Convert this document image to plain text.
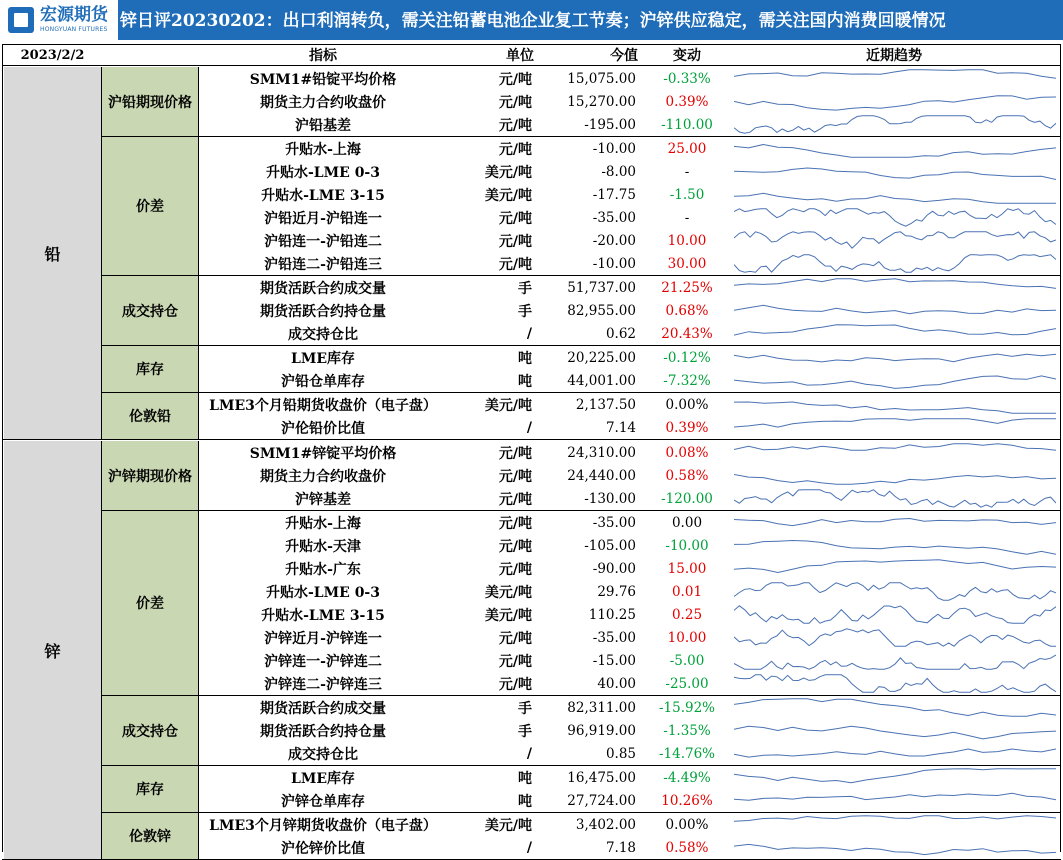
宏源期货
HONGYUAN FUTURES 锌日评20230202：出口利润转负，需关注铅蓄电池企业复工节奏；沪锌供应稳定，需关注国内消费回暖情况
2023/2/2	指标	单位	今值	变动	近期趋势
铅
沪铅期现价格
SMM1#铅锭平均价格	元/吨	15,075.00	-0.33%
期货主力合约收盘价	元/吨	15,270.00	0.39%
沪铅基差	元/吨	-195.00	-110.00
价差
升贴水-上海	元/吨	-10.00	25.00
升贴水-LME 0-3	美元/吨	-8.00	-
升贴水-LME 3-15	美元/吨	-17.75	-1.50
沪铅近月-沪铅连一	元/吨	-35.00	-
沪铅连一-沪铅连二	元/吨	-20.00	10.00
沪铅连二-沪铅连三	元/吨	-10.00	30.00
成交持仓
期货活跃合约成交量	手	51,737.00	21.25%
期货活跃合约持仓量	手	82,955.00	0.68%
成交持仓比	/	0.62	20.43%
库存
LME库存	吨	20,225.00	-0.12%
沪铅仓单库存	吨	44,001.00	-7.32%
伦敦铅
LME3个月铅期货收盘价（电子盘）	美元/吨	2,137.50	0.00%
沪伦铅价比值	/	7.14	0.39%
锌
沪锌期现价格
SMM1#锌锭平均价格	元/吨	24,310.00	0.08%
期货主力合约收盘价	元/吨	24,440.00	0.58%
沪锌基差	元/吨	-130.00	-120.00
价差
升贴水-上海	元/吨	-35.00	0.00
升贴水-天津	元/吨	-105.00	-10.00
升贴水-广东	元/吨	-90.00	15.00
升贴水-LME 0-3	美元/吨	29.76	0.01
升贴水-LME 3-15	美元/吨	110.25	0.25
沪锌近月-沪锌连一	元/吨	-35.00	10.00
沪锌连一-沪锌连二	元/吨	-15.00	-5.00
沪锌连二-沪锌连三	元/吨	40.00	-25.00
成交持仓
期货活跃合约成交量	手	82,311.00	-15.92%
期货活跃合约持仓量	手	96,919.00	-1.35%
成交持仓比	/	0.85	-14.76%
库存
LME库存	吨	16,475.00	-4.49%
沪锌仓单库存	吨	27,724.00	10.26%
伦敦锌
LME3个月锌期货收盘价（电子盘）	美元/吨	3,402.00	0.00%
沪伦锌价比值	/	7.18	0.58%
